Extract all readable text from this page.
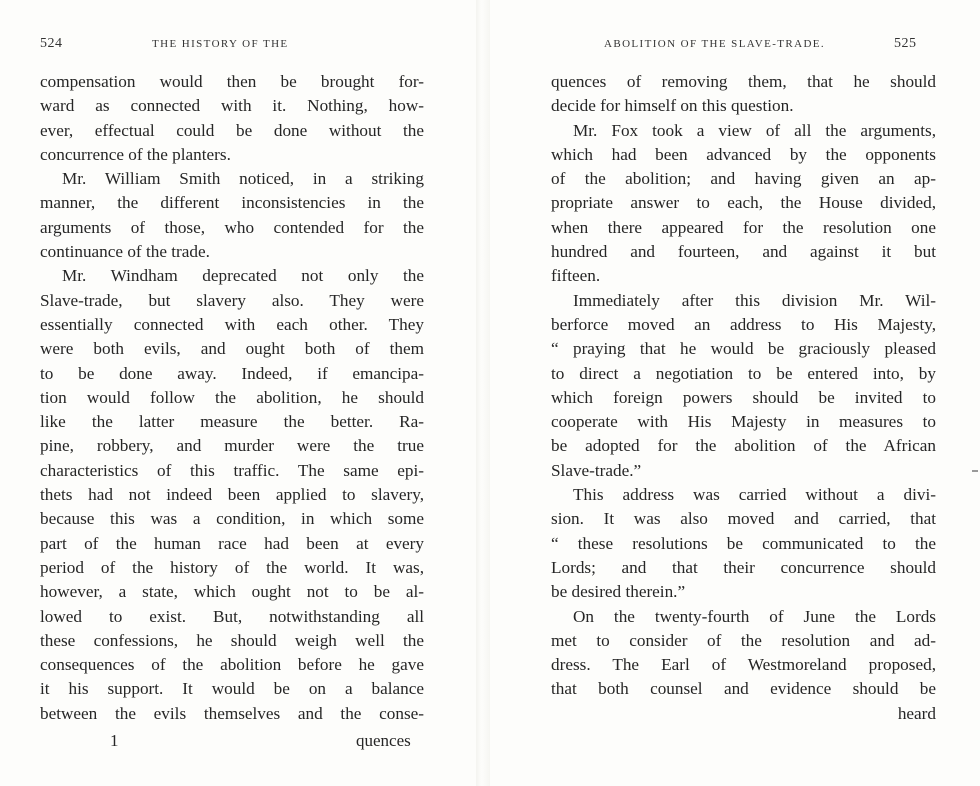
524	THE HISTORY OF THE
compensation would then be brought for-
ward as connected with it. Nothing, how-
ever, effectual could be done without the
concurrence of the planters.
Mr. William Smith noticed, in a striking
manner, the different inconsistencies in the
arguments of those, who contended for the
continuance of the trade.
Mr. Windham deprecated not only the
Slave-trade, but slavery also. They were
essentially connected with each other. They
were both evils, and ought both of them
to be done away. Indeed, if emancipa-
tion would follow the abolition, he should
like the latter measure the better. Ra-
pine, robbery, and murder were the true
characteristics of this traffic. The same epi-
thets had not indeed been applied to slavery,
because this was a condition, in which some
part of the human race had been at every
period of the history of the world. It was,
however, a state, which ought not to be al-
lowed to exist. But, notwithstanding all
these confessions, he should weigh well the
consequences of the abolition before he gave
it his support. It would be on a balance
between the evils themselves and the conse-
1	quences
ABOLITION OF THE SLAVE-TRADE.	525
quences of removing them, that he should
decide for himself on this question.
Mr. Fox took a view of all the arguments,
which had been advanced by the opponents
of the abolition; and having given an ap-
propriate answer to each, the House divided,
when there appeared for the resolution one
hundred and fourteen, and against it but
fifteen.
Immediately after this division Mr. Wil-
berforce moved an address to His Majesty,
“ praying that he would be graciously pleased
to direct a negotiation to be entered into, by
which foreign powers should be invited to
cooperate with His Majesty in measures to
be adopted for the abolition of the African
Slave-trade.”
This address was carried without a divi-
sion. It was also moved and carried, that
“ these resolutions be communicated to the
Lords; and that their concurrence should
be desired therein.”
On the twenty-fourth of June the Lords
met to consider of the resolution and ad-
dress. The Earl of Westmoreland proposed,
that both counsel and evidence should be
heard
